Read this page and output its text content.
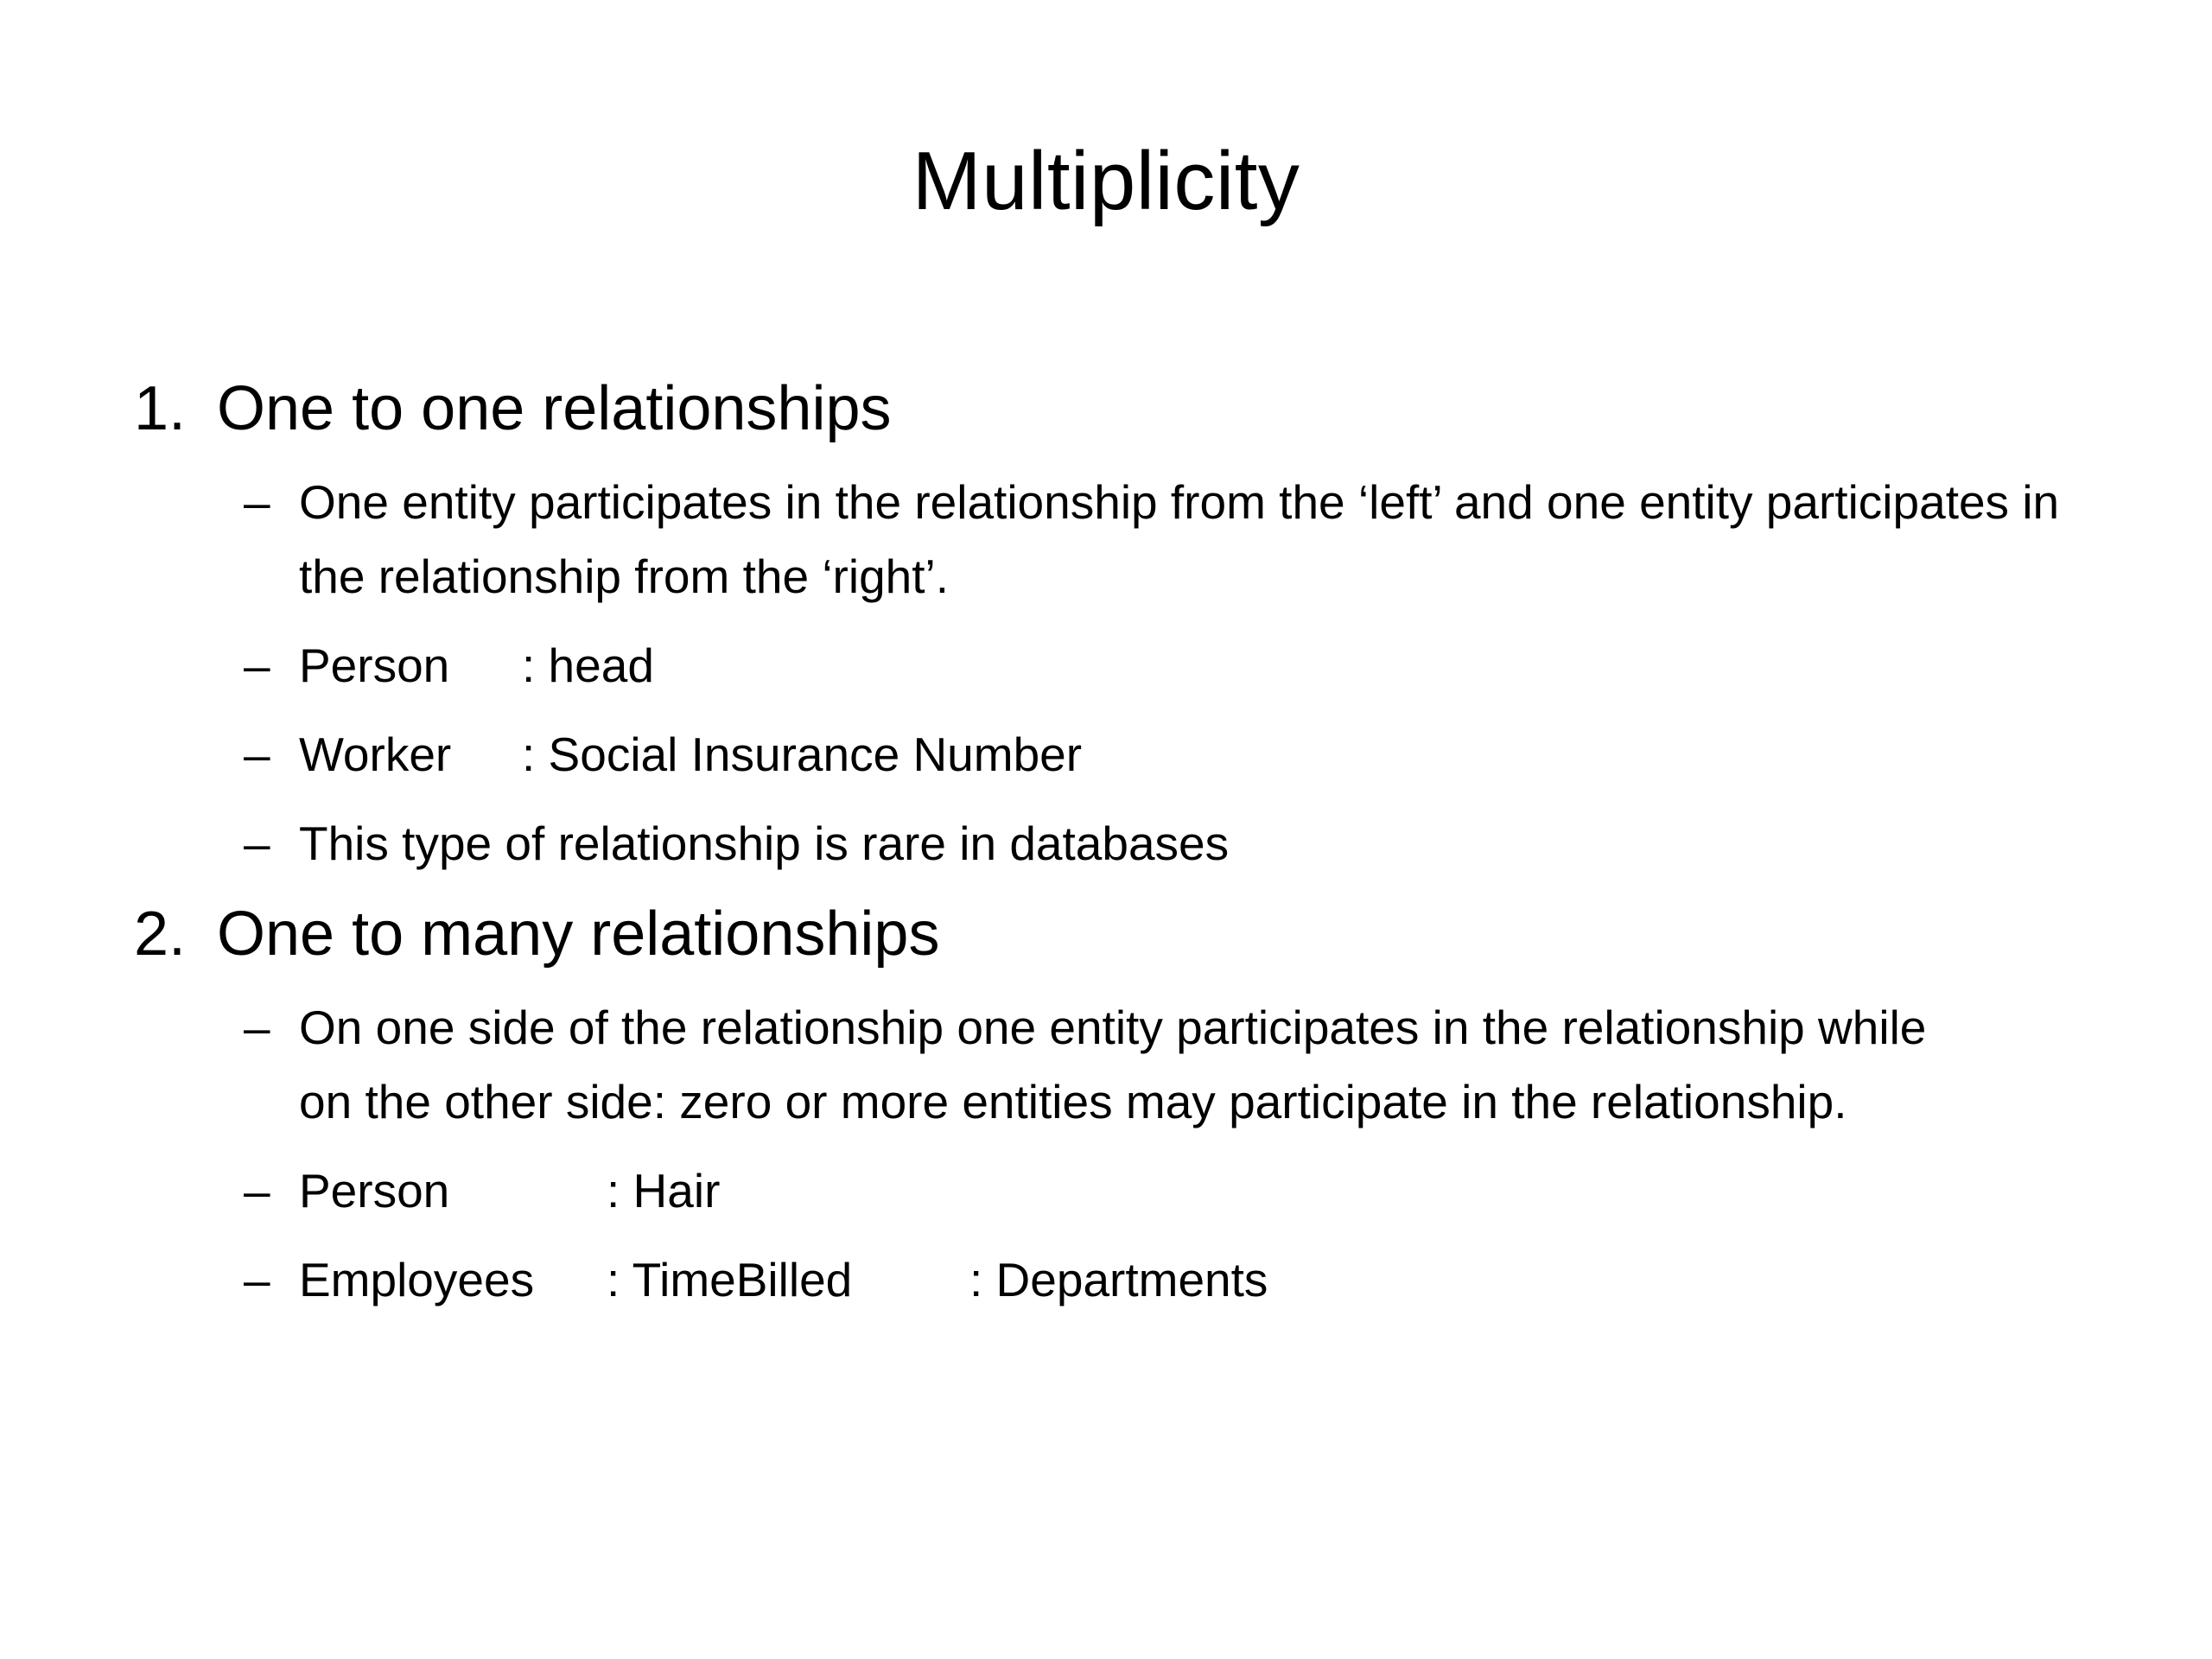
Multiplicity
1. One to one relationships
– One entity participates in the relationship from the ‘left’ and one entity participates in the relationship from the ‘right’.
– Person : head
– Worker : Social Insurance Number
– This type of relationship is rare in databases
2. One to many relationships
– On one side of the relationship one entity participates in the relationship while on the other side: zero or more entities may participate in the relationship.
– Person	: Hair
– Employees : TimeBilled : Departments
